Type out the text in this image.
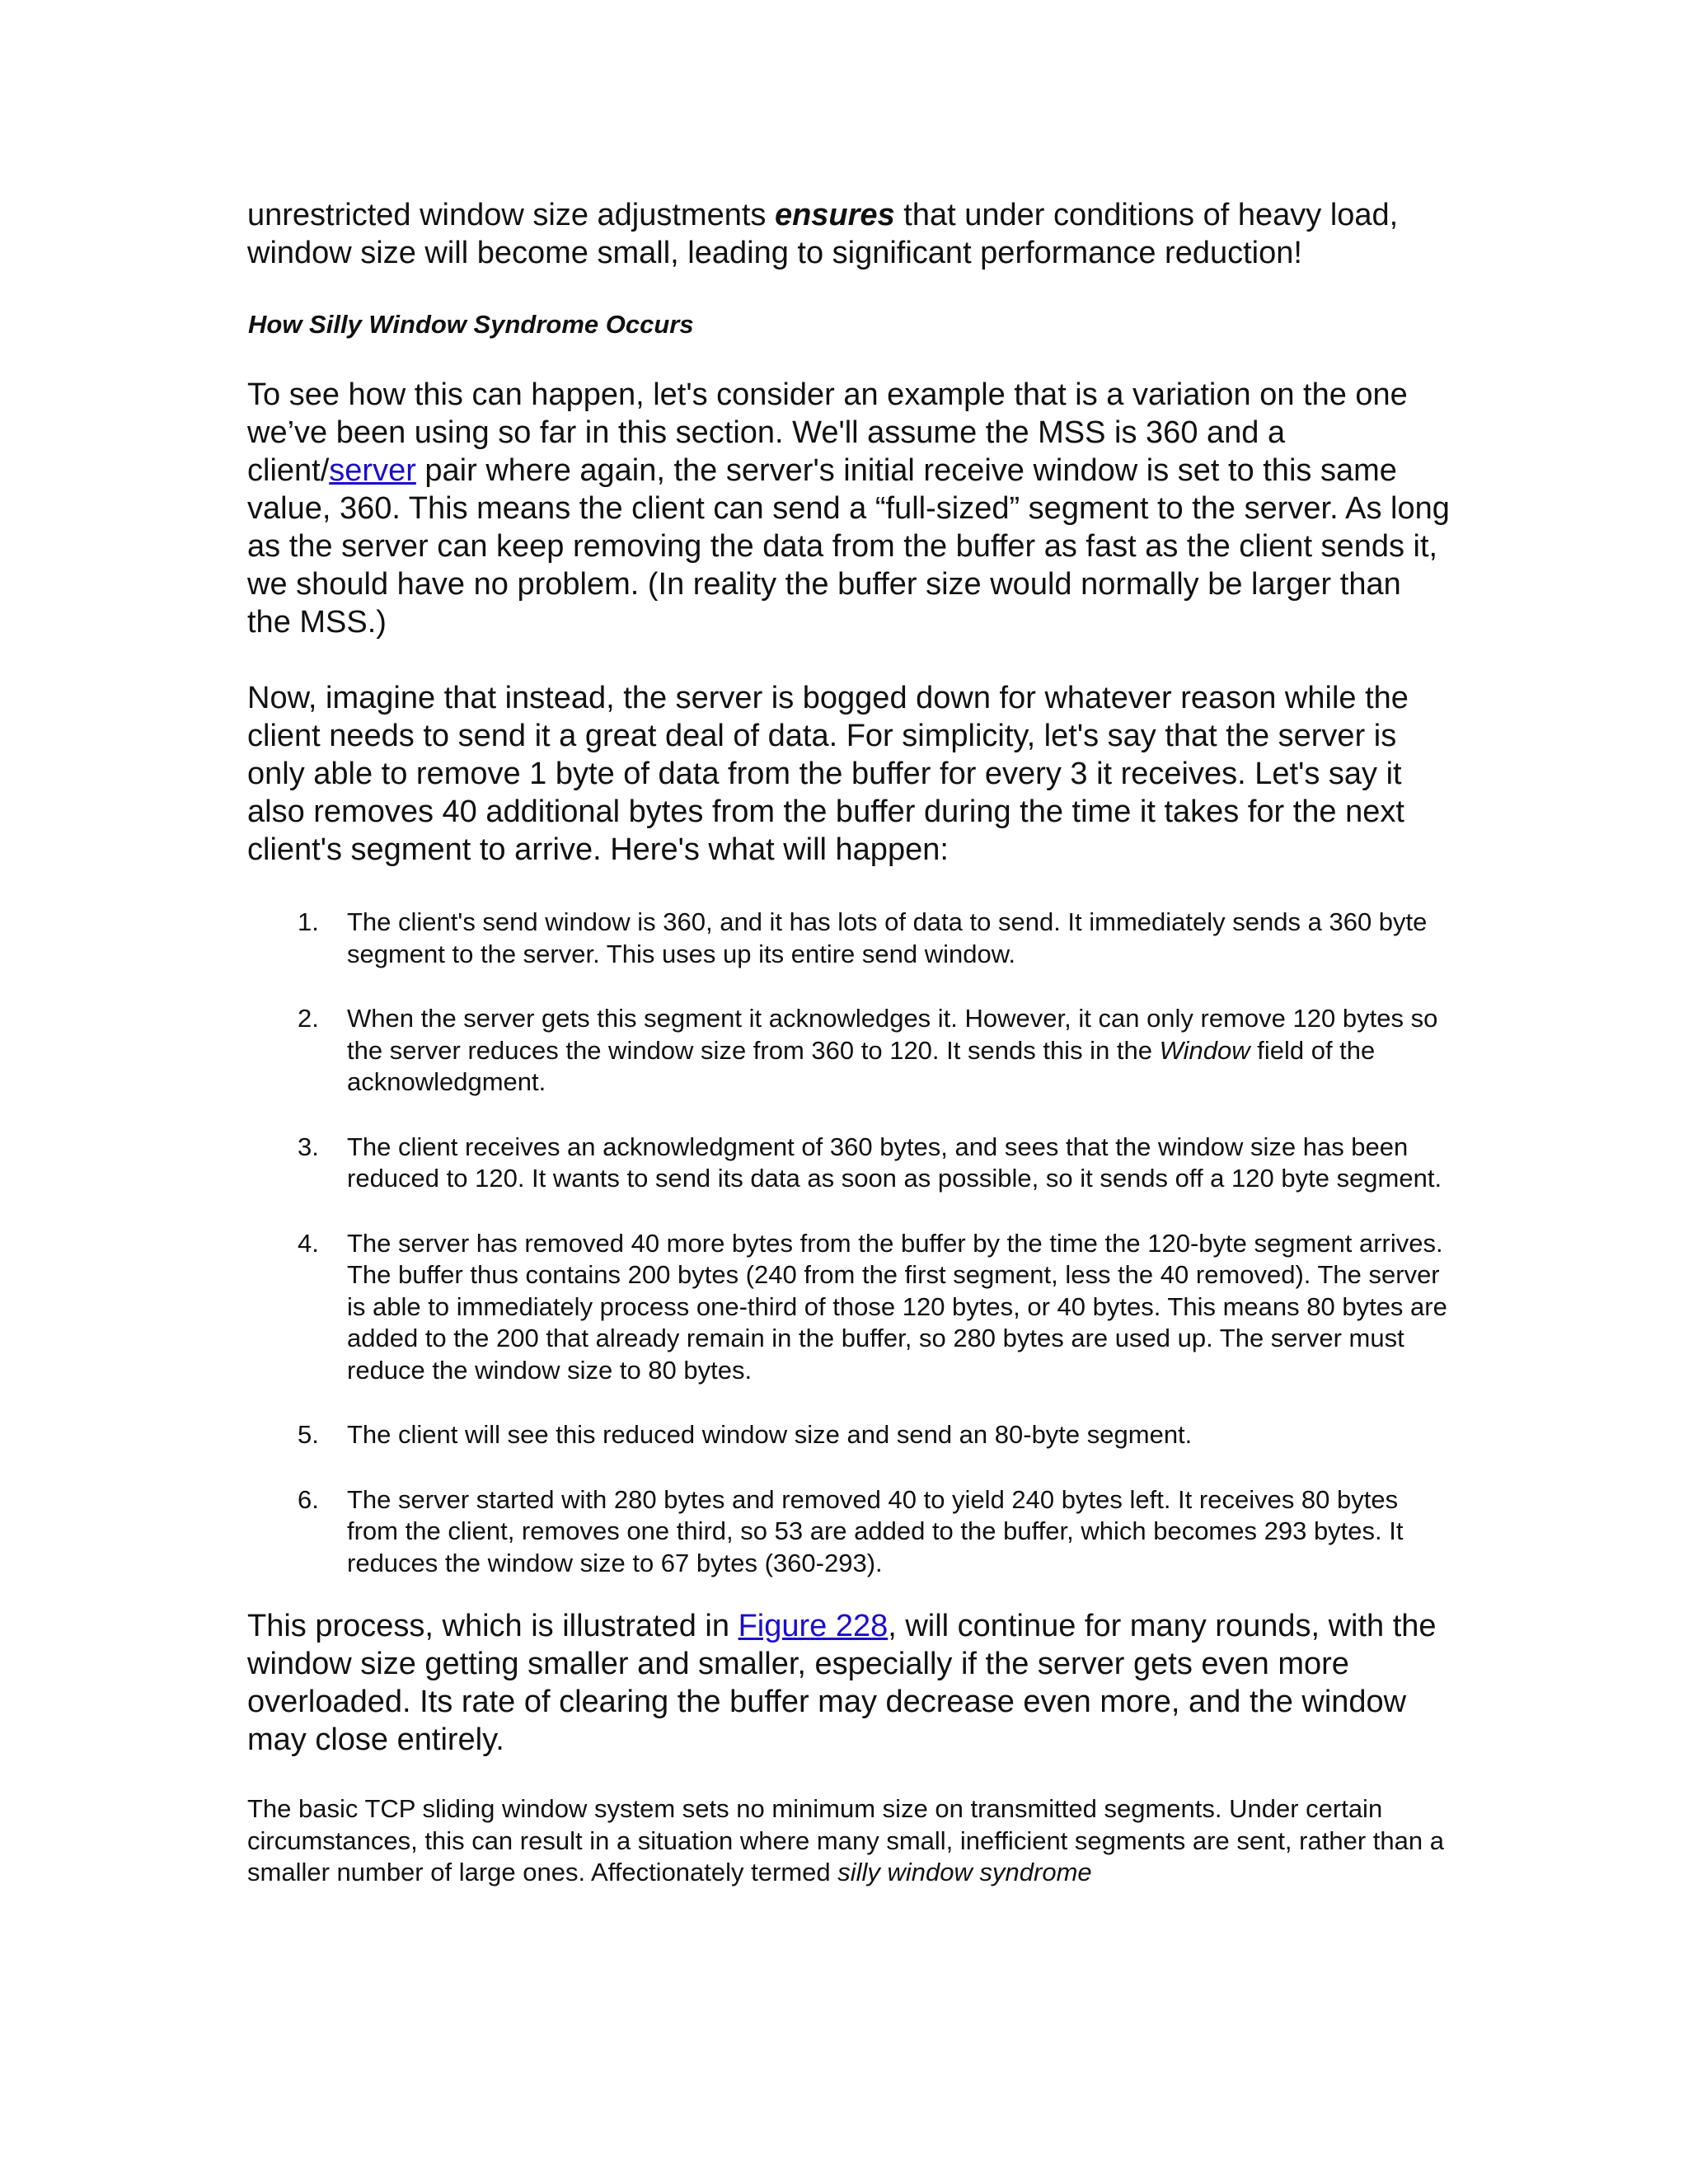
unrestricted window size adjustments ensures that under conditions of heavy load, window size will become small, leading to significant performance reduction!

How Silly Window Syndrome Occurs

To see how this can happen, let's consider an example that is a variation on the one we’ve been using so far in this section. We'll assume the MSS is 360 and a client/server pair where again, the server's initial receive window is set to this same value, 360. This means the client can send a “full-sized” segment to the server. As long as the server can keep removing the data from the buffer as fast as the client sends it, we should have no problem. (In reality the buffer size would normally be larger than the MSS.)

Now, imagine that instead, the server is bogged down for whatever reason while the client needs to send it a great deal of data. For simplicity, let's say that the server is only able to remove 1 byte of data from the buffer for every 3 it receives. Let's say it also removes 40 additional bytes from the buffer during the time it takes for the next client's segment to arrive. Here's what will happen:

1. The client's send window is 360, and it has lots of data to send. It immediately sends a 360 byte segment to the server. This uses up its entire send window.
2. When the server gets this segment it acknowledges it. However, it can only remove 120 bytes so the server reduces the window size from 360 to 120. It sends this in the Window field of the acknowledgment.
3. The client receives an acknowledgment of 360 bytes, and sees that the window size has been reduced to 120. It wants to send its data as soon as possible, so it sends off a 120 byte segment.
4. The server has removed 40 more bytes from the buffer by the time the 120-byte segment arrives. The buffer thus contains 200 bytes (240 from the first segment, less the 40 removed). The server is able to immediately process one-third of those 120 bytes, or 40 bytes. This means 80 bytes are added to the 200 that already remain in the buffer, so 280 bytes are used up. The server must reduce the window size to 80 bytes.
5. The client will see this reduced window size and send an 80-byte segment.
6. The server started with 280 bytes and removed 40 to yield 240 bytes left. It receives 80 bytes from the client, removes one third, so 53 are added to the buffer, which becomes 293 bytes. It reduces the window size to 67 bytes (360-293).

This process, which is illustrated in Figure 228, will continue for many rounds, with the window size getting smaller and smaller, especially if the server gets even more overloaded. Its rate of clearing the buffer may decrease even more, and the window may close entirely.

The basic TCP sliding window system sets no minimum size on transmitted segments. Under certain circumstances, this can result in a situation where many small, inefficient segments are sent, rather than a smaller number of large ones. Affectionately termed silly window syndrome
